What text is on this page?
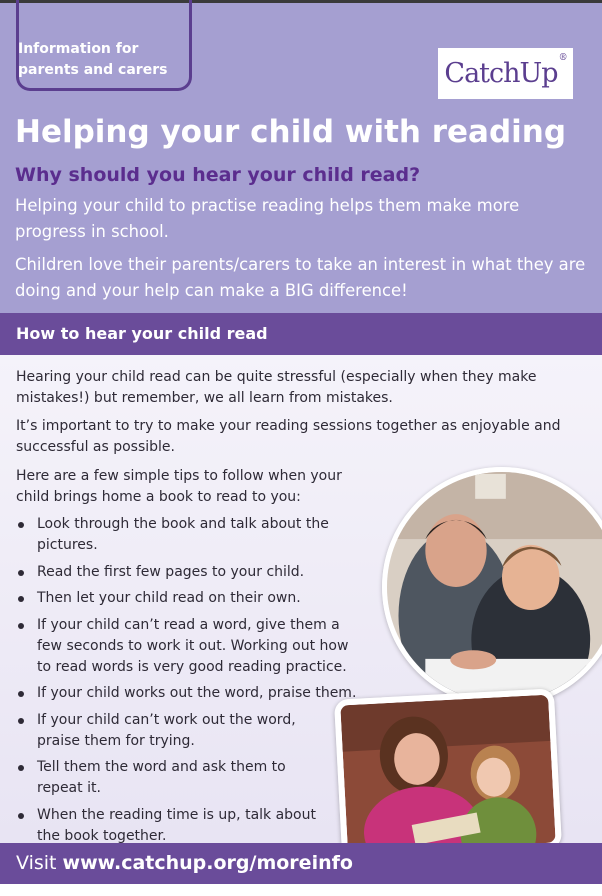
Information for parents and carers	CatchUp®
Helping your child with reading
Why should you hear your child read?

Helping your child to practise reading helps them make more progress in school.

Children love their parents/carers to take an interest in what they are doing and your help can make a BIG difference!

How to hear your child read

Hearing your child read can be quite stressful (especially when they make mistakes!) but remember, we all learn from mistakes.

It’s important to try to make your reading sessions together as enjoyable and successful as possible.

Here are a few simple tips to follow when your child brings home a book to read to you:

Look through the book and talk about the pictures.
Read the first few pages to your child.
Then let your child read on their own.
If your child can’t read a word, give them a few seconds to work it out. Working out how to read words is very good reading practice.
If your child works out the word, praise them.
If your child can’t work out the word, praise them for trying.
Tell them the word and ask them to repeat it.
When the reading time is up, talk about the book together.
Visit www.catchup.org/moreinfo
